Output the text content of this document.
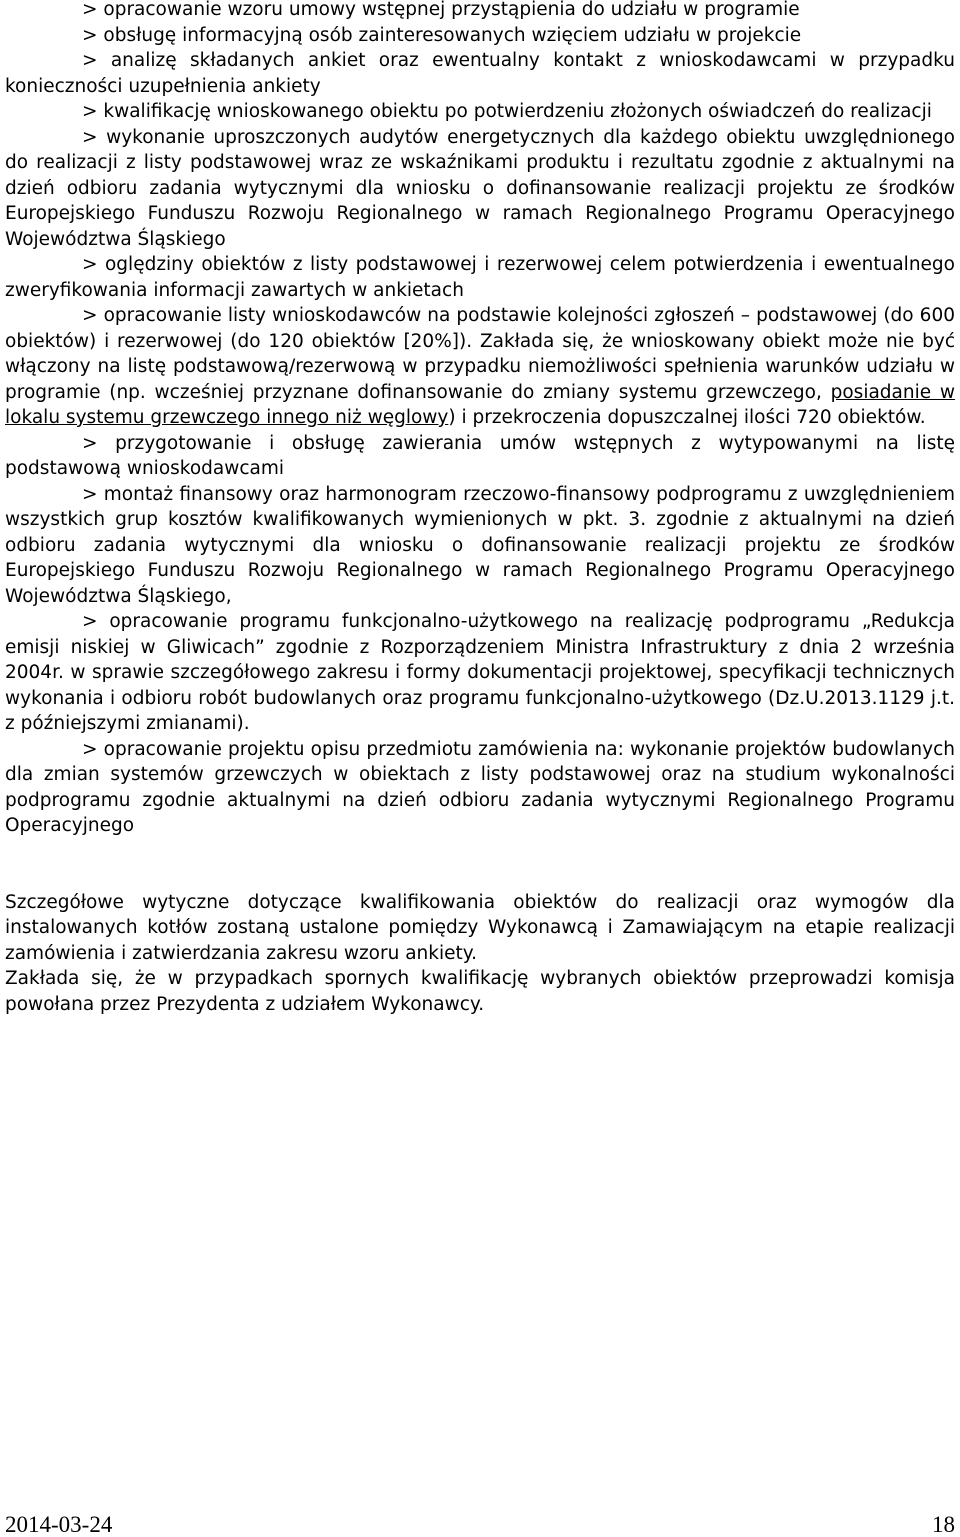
> opracowanie wzoru umowy wstępnej przystąpienia do udziału w programie

> obsługę informacyjną osób zainteresowanych wzięciem udziału w projekcie

> analizę składanych ankiet oraz ewentualny kontakt z wnioskodawcami w przypadku konieczności uzupełnienia ankiety

> kwalifikację wnioskowanego obiektu po potwierdzeniu złożonych oświadczeń do realizacji

> wykonanie uproszczonych audytów energetycznych dla każdego obiektu uwzględnionego do realizacji z listy podstawowej wraz ze wskaźnikami produktu i rezultatu zgodnie z aktualnymi na dzień odbioru zadania wytycznymi dla wniosku o dofinansowanie realizacji projektu ze środków Europejskiego Funduszu Rozwoju Regionalnego w ramach Regionalnego Programu Operacyjnego Województwa Śląskiego

> oględziny obiektów z listy podstawowej i rezerwowej celem potwierdzenia i ewentualnego zweryfikowania informacji zawartych w ankietach

> opracowanie listy wnioskodawców na podstawie kolejności zgłoszeń – podstawowej (do 600 obiektów) i rezerwowej (do 120 obiektów [20%]). Zakłada się, że wnioskowany obiekt może nie być włączony na listę podstawową/rezerwową w przypadku niemożliwości spełnienia warunków udziału w programie (np. wcześniej przyznane dofinansowanie do zmiany systemu grzewczego, posiadanie w lokalu systemu grzewczego innego niż węglowy) i przekroczenia dopuszczalnej ilości 720 obiektów.

> przygotowanie i obsługę zawierania umów wstępnych z wytypowanymi na listę podstawową wnioskodawcami

> montaż finansowy oraz harmonogram rzeczowo-finansowy podprogramu z uwzględnieniem wszystkich grup kosztów kwalifikowanych wymienionych w pkt. 3. zgodnie z aktualnymi na dzień odbioru zadania wytycznymi dla wniosku o dofinansowanie realizacji projektu ze środków Europejskiego Funduszu Rozwoju Regionalnego w ramach Regionalnego Programu Operacyjnego Województwa Śląskiego,

> opracowanie programu funkcjonalno-użytkowego na realizację podprogramu „Redukcja emisji niskiej w Gliwicach” zgodnie z Rozporządzeniem Ministra Infrastruktury z dnia 2 września 2004r. w sprawie szczegółowego zakresu i formy dokumentacji projektowej, specyfikacji technicznych wykonania i odbioru robót budowlanych oraz programu funkcjonalno-użytkowego (Dz.U.2013.1129 j.t. z późniejszymi zmianami).

> opracowanie projektu opisu przedmiotu zamówienia na: wykonanie projektów budowlanych dla zmian systemów grzewczych w obiektach z listy podstawowej oraz na studium wykonalności podprogramu zgodnie aktualnymi na dzień odbioru zadania wytycznymi Regionalnego Programu Operacyjnego

Szczegółowe wytyczne dotyczące kwalifikowania obiektów do realizacji oraz wymogów dla instalowanych kotłów zostaną ustalone pomiędzy Wykonawcą i Zamawiającym na etapie realizacji zamówienia i zatwierdzania zakresu wzoru ankiety.

Zakłada się, że w przypadkach spornych kwalifikację wybranych obiektów przeprowadzi komisja powołana przez Prezydenta z udziałem Wykonawcy.

2014-03-24	18
